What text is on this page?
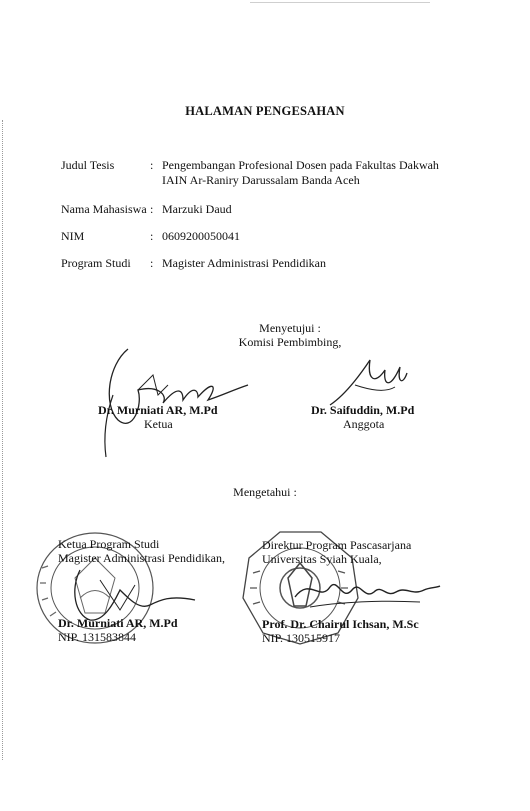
HALAMAN PENGESAHAN
Judul Tesis	: Pengembangan Profesional Dosen pada Fakultas Dakwah
IAIN Ar-Raniry Darussalam Banda Aceh
Nama Mahasiswa : Marzuki Daud
NIM	: 0609200050041
Program Studi : Magister Administrasi Pendidikan
Menyetujui :
Komisi Pembimbing,
Dr. Murniati AR, M.Pd
Ketua
Dr. Saifuddin, M.Pd
Anggota
Mengetahui :
Ketua Program Studi
Magister Administrasi Pendidikan,
Dr. Murniati AR, M.Pd
NIP. 131583844
Direktur Program Pascasarjana
Universitas Syiah Kuala,
Prof. Dr. Chairul Ichsan, M.Sc
NIP. 130515917
